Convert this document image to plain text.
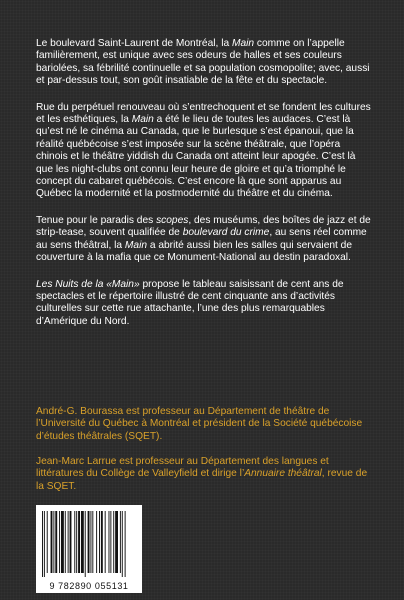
Le boulevard Saint-Laurent de Montréal, la Main comme on l’appelle familièrement, est unique avec ses odeurs de halles et ses couleurs bariolées, sa fébrilité continuelle et sa population cosmopolite; avec, aussi et par-dessus tout, son goût insatiable de la fête et du spectacle.

Rue du perpétuel renouveau où s’entrechoquent et se fondent les cultures et les esthétiques, la Main a été le lieu de toutes les audaces. C’est là qu’est né le cinéma au Canada, que le burlesque s’est épanoui, que la réalité québécoise s’est imposée sur la scène théâtrale, que l’opéra chinois et le théâtre yiddish du Canada ont atteint leur apogée. C’est là que les night-clubs ont connu leur heure de gloire et qu’a triomphé le concept du cabaret québécois. C’est encore là que sont apparus au Québec la modernité et la postmodernité du théâtre et du cinéma.

Tenue pour le paradis des scopes, des muséums, des boîtes de jazz et de strip-tease, souvent qualifiée de boulevard du crime, au sens réel comme au sens théâtral, la Main a abrité aussi bien les salles qui servaient de couverture à la mafia que ce Monument-National au destin paradoxal.

Les Nuits de la «Main» propose le tableau saisissant de cent ans de spectacles et le répertoire illustré de cent cinquante ans d’activités culturelles sur cette rue attachante, l’une des plus remarquables d’Amérique du Nord.

André-G. Bourassa est professeur au Département de théâtre de l’Université du Québec à Montréal et président de la Société québécoise d’études théâtrales (SQET).

Jean-Marc Larrue est professeur au Département des langues et littératures du Collège de Valleyfield et dirige l’Annuaire théâtral, revue de la SQET.

9 782890 055131
